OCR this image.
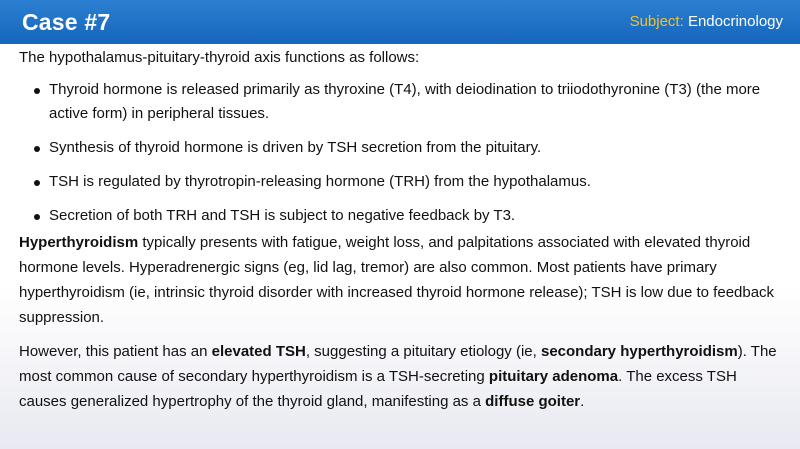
Case #7	Subject: Endocrinology
The hypothalamus-pituitary-thyroid axis functions as follows:
Thyroid hormone is released primarily as thyroxine (T4), with deiodination to triiodothyronine (T3) (the more active form) in peripheral tissues.
Synthesis of thyroid hormone is driven by TSH secretion from the pituitary.
TSH is regulated by thyrotropin-releasing hormone (TRH) from the hypothalamus.
Secretion of both TRH and TSH is subject to negative feedback by T3.

Hyperthyroidism typically presents with fatigue, weight loss, and palpitations associated with elevated thyroid hormone levels. Hyperadrenergic signs (eg, lid lag, tremor) are also common. Most patients have primary hyperthyroidism (ie, intrinsic thyroid disorder with increased thyroid hormone release); TSH is low due to feedback suppression.

However, this patient has an elevated TSH, suggesting a pituitary etiology (ie, secondary hyperthyroidism). The most common cause of secondary hyperthyroidism is a TSH-secreting pituitary adenoma. The excess TSH causes generalized hypertrophy of the thyroid gland, manifesting as a diffuse goiter.
